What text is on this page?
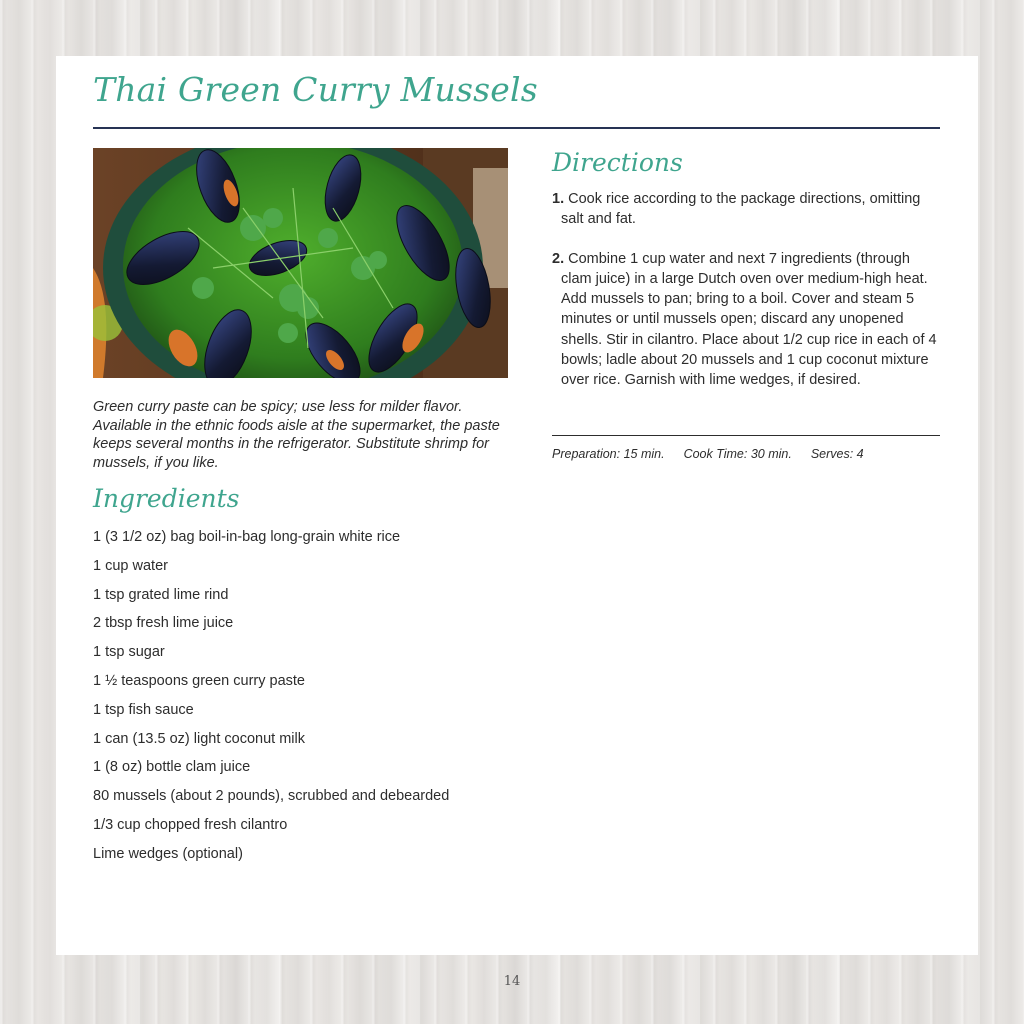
Thai Green Curry Mussels

Green curry paste can be spicy; use less for milder flavor. Available in the ethnic foods aisle at the supermarket, the paste keeps several months in the refrigerator. Substitute shrimp for mussels, if you like.

Ingredients
1 (3 1/2 oz) bag boil-in-bag long-grain white rice
1 cup water
1 tsp grated lime rind
2 tbsp fresh lime juice
1 tsp sugar
1 ½ teaspoons green curry paste
1 tsp fish sauce
1 can (13.5 oz) light coconut milk
1 (8 oz) bottle clam juice
80 mussels (about 2 pounds), scrubbed and debearded
1/3 cup chopped fresh cilantro
Lime wedges (optional)
Directions
1. Cook rice according to the package directions, omitting salt and fat.
2. Combine 1 cup water and next 7 ingredients (through clam juice) in a large Dutch oven over medium-high heat. Add mussels to pan; bring to a boil. Cover and steam 5 minutes or until mussels open; discard any unopened shells. Stir in cilantro. Place about 1/2 cup rice in each of 4 bowls; ladle about 20 mussels and 1 cup coconut mixture over rice. Garnish with lime wedges, if desired.
Preparation: 15 min. Cook Time: 30 min. Serves: 4
14
